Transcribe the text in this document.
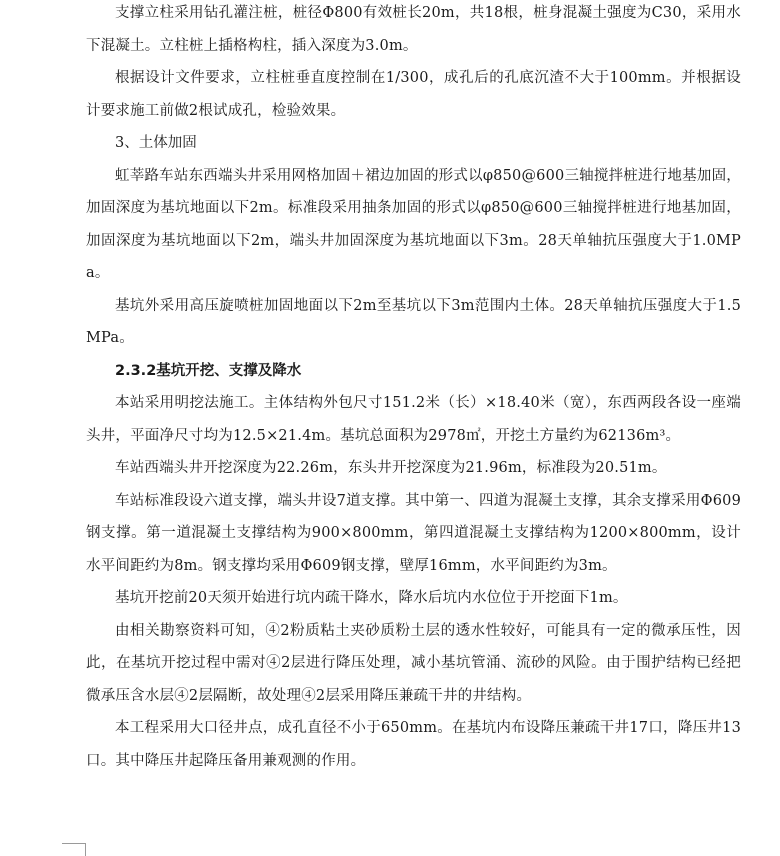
支撑立柱采用钻孔灌注桩，桩径Φ800有效桩长20m，共18根，桩身混凝土强度为C30，采用水下混凝土。立柱桩上插格构柱，插入深度为3.0m。

根据设计文件要求，立柱桩垂直度控制在1/300，成孔后的孔底沉渣不大于100mm。并根据设计要求施工前做2根试成孔，检验效果。

3、土体加固

虹莘路车站东西端头井采用网格加固＋裙边加固的形式以φ850@600三轴搅拌桩进行地基加固，加固深度为基坑地面以下2m。标准段采用抽条加固的形式以φ850@600三轴搅拌桩进行地基加固，加固深度为基坑地面以下2m，端头井加固深度为基坑地面以下3m。28天单轴抗压强度大于1.0MPa。

基坑外采用高压旋喷桩加固地面以下2m至基坑以下3m范围内土体。28天单轴抗压强度大于1.5MPa。

2.3.2基坑开挖、支撑及降水

本站采用明挖法施工。主体结构外包尺寸151.2米（长）×18.40米（宽），东西两段各设一座端头井，平面净尺寸均为12.5×21.4m。基坑总面积为2978㎡，开挖土方量约为62136m³。

车站西端头井开挖深度为22.26m，东头井开挖深度为21.96m，标准段为20.51m。

车站标准段设六道支撑，端头井设7道支撑。其中第一、四道为混凝土支撑，其余支撑采用Φ609钢支撑。第一道混凝土支撑结构为900×800mm，第四道混凝土支撑结构为1200×800mm，设计水平间距约为8m。钢支撑均采用Φ609钢支撑，壁厚16mm，水平间距约为3m。

基坑开挖前20天须开始进行坑内疏干降水，降水后坑内水位位于开挖面下1m。

由相关勘察资料可知，④2粉质粘土夹砂质粉土层的透水性较好，可能具有一定的微承压性，因此，在基坑开挖过程中需对④2层进行降压处理，减小基坑管涌、流砂的风险。由于围护结构已经把微承压含水层④2层隔断，故处理④2层采用降压兼疏干井的井结构。

本工程采用大口径井点，成孔直径不小于650mm。在基坑内布设降压兼疏干井17口，降压井13口。其中降压井起降压备用兼观测的作用。
